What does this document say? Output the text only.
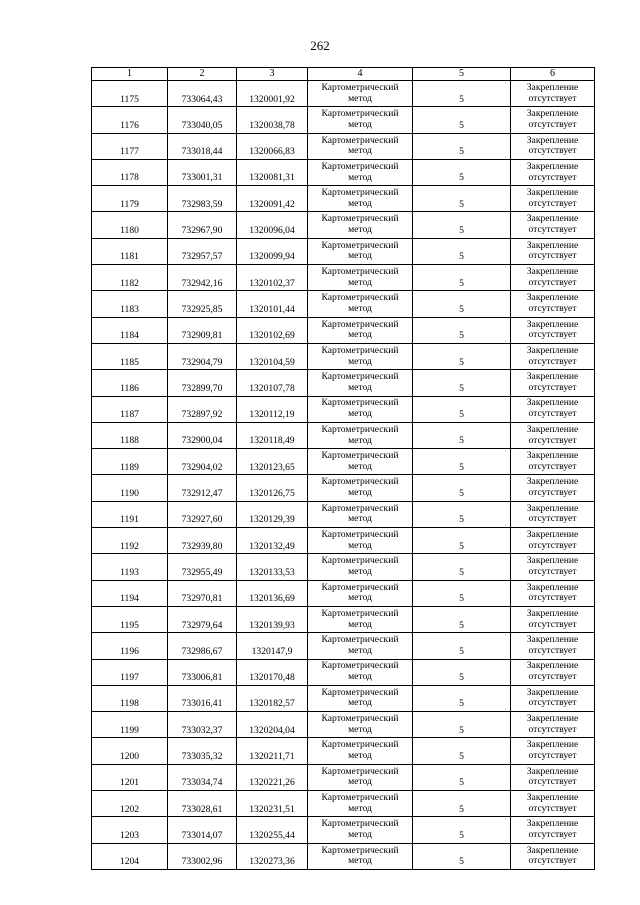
262
1	2	3	4	5	6
1175	733064,43	1320001,92	Картометрический
метод	5	Закрепление
отсутствует

1176	733040,05	1320038,78	Картометрический
метод	5	Закрепление
отсутствует

1177	733018,44	1320066,83	Картометрический
метод	5	Закрепление
отсутствует

1178	733001,31	1320081,31	Картометрический
метод	5	Закрепление
отсутствует

1179	732983,59	1320091,42	Картометрический
метод	5	Закрепление
отсутствует

1180	732967,90	1320096,04	Картометрический
метод	5	Закрепление
отсутствует

1181	732957,57	1320099,94	Картометрический
метод	5	Закрепление
отсутствует

1182	732942,16	1320102,37	Картометрический
метод	5	Закрепление
отсутствует

1183	732925,85	1320101,44	Картометрический
метод	5	Закрепление
отсутствует

1184	732909,81	1320102,69	Картометрический
метод	5	Закрепление
отсутствует

1185	732904,79	1320104,59	Картометрический
метод	5	Закрепление
отсутствует

1186	732899,70	1320107,78	Картометрический
метод	5	Закрепление
отсутствует

1187	732897,92	1320112,19	Картометрический
метод	5	Закрепление
отсутствует

1188	732900,04	1320118,49	Картометрический
метод	5	Закрепление
отсутствует

1189	732904,02	1320123,65	Картометрический
метод	5	Закрепление
отсутствует

1190	732912,47	1320126,75	Картометрический
метод	5	Закрепление
отсутствует

1191	732927,60	1320129,39	Картометрический
метод	5	Закрепление
отсутствует

1192	732939,80	1320132,49	Картометрический
метод	5	Закрепление
отсутствует

1193	732955,49	1320133,53	Картометрический
метод	5	Закрепление
отсутствует

1194	732970,81	1320136,69	Картометрический
метод	5	Закрепление
отсутствует

1195	732979,64	1320139,93	Картометрический
метод	5	Закрепление
отсутствует

1196	732986,67	1320147,9	Картометрический
метод	5	Закрепление
отсутствует

1197	733006,81	1320170,48	Картометрический
метод	5	Закрепление
отсутствует

1198	733016,41	1320182,57	Картометрический
метод	5	Закрепление
отсутствует

1199	733032,37	1320204,04	Картометрический
метод	5	Закрепление
отсутствует

1200	733035,32	1320211,71	Картометрический
метод	5	Закрепление
отсутствует

1201	733034,74	1320221,26	Картометрический
метод	5	Закрепление
отсутствует

1202	733028,61	1320231,51	Картометрический
метод	5	Закрепление
отсутствует

1203	733014,07	1320255,44	Картометрический
метод	5	Закрепление
отсутствует

1204	733002,96	1320273,36	Картометрический
метод	5	Закрепление
отсутствует
